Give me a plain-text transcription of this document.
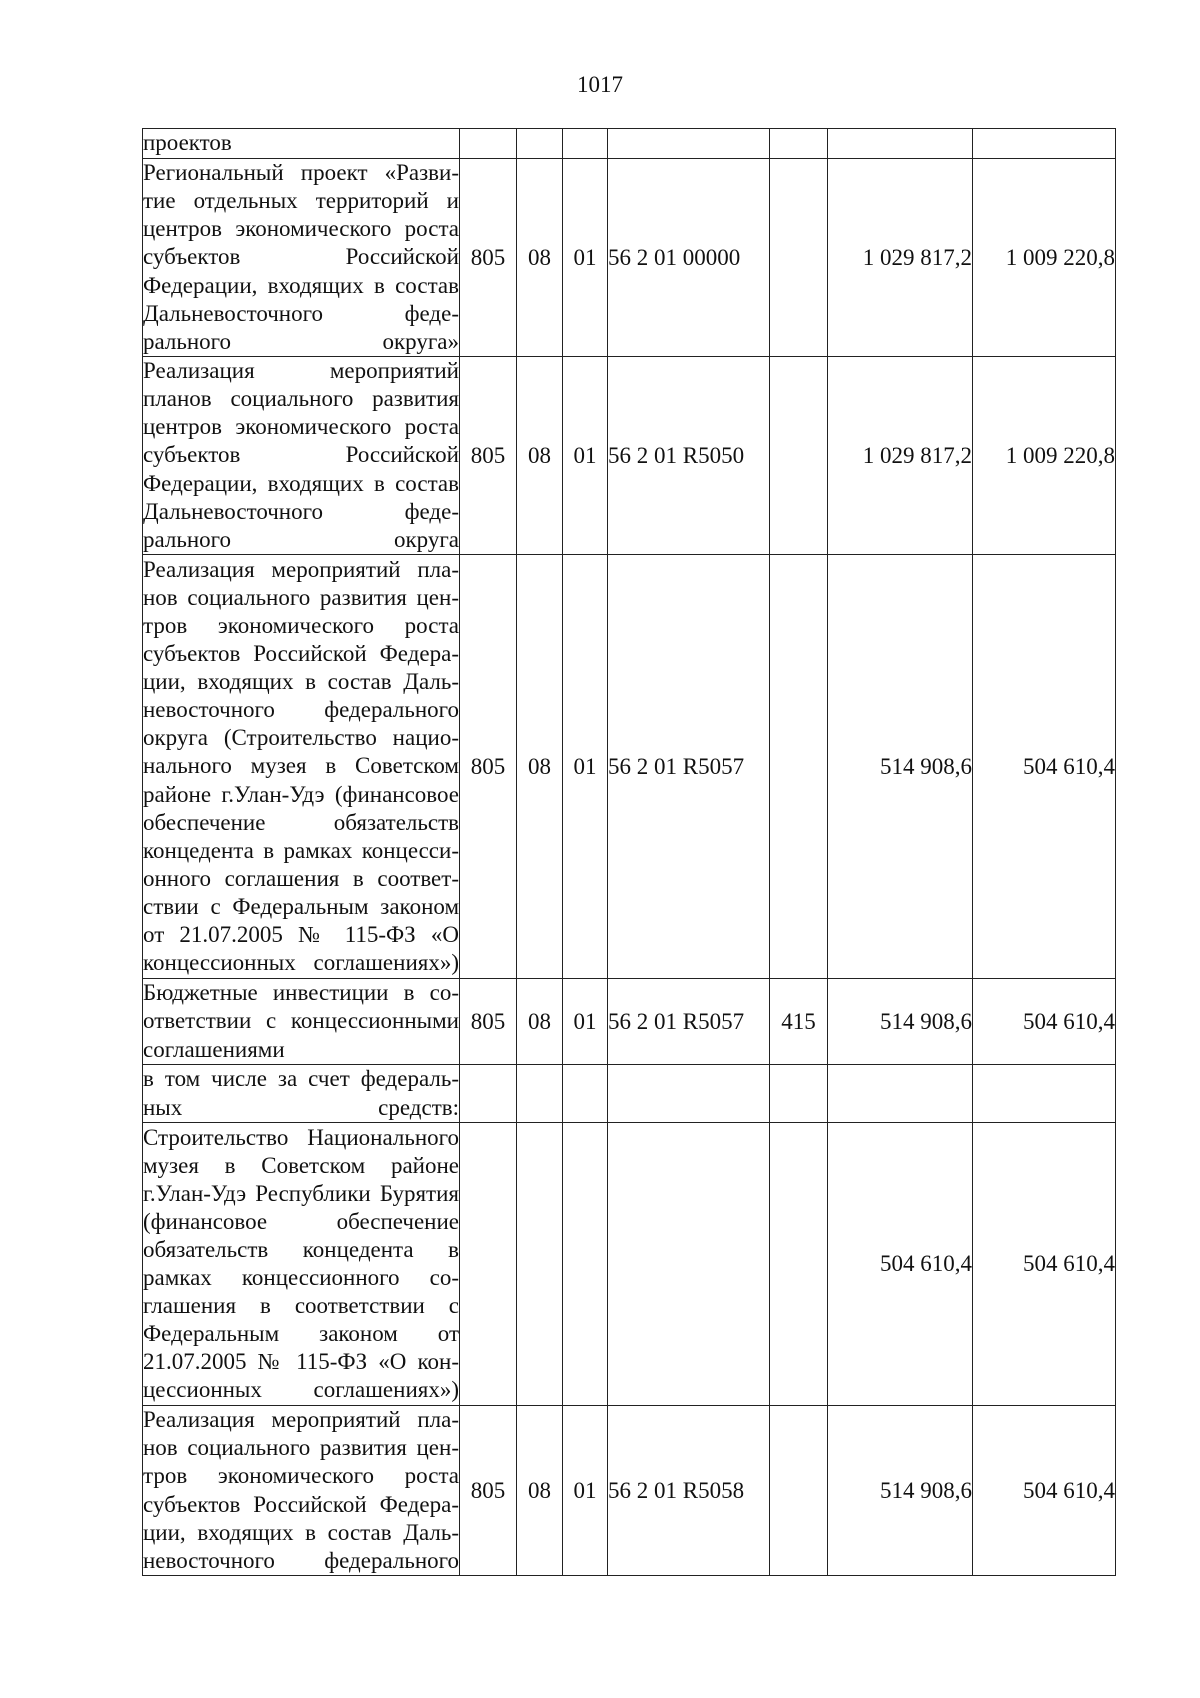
1017
проектов							
Региональный проект «Развитие отдельных территорий и центров экономического роста субъектов Российской Федерации, входящих в состав Дальневосточного федерального округа»	805	08	01	56 2 01 00000		1 029 817,2	1 009 220,8
Реализация мероприятий планов социального развития центров экономического роста субъектов Российской Федерации, входящих в состав Дальневосточного федерального округа	805	08	01	56 2 01 R5050		1 029 817,2	1 009 220,8
Реализация мероприятий планов социального развития центров экономического роста субъектов Российской Федерации, входящих в состав Дальневосточного федерального округа (Строительство национального музея в Советском районе г.Улан-Удэ (финансовое обеспечение обязательств концедента в рамках концессионного соглашения в соответствии с Федеральным законом от 21.07.2005 № 115-ФЗ «О концессионных соглашениях»)	805	08	01	56 2 01 R5057		514 908,6	504 610,4
Бюджетные инвестиции в соответствии с концессионными соглашениями	805	08	01	56 2 01 R5057	415	514 908,6	504 610,4
в том числе за счет федеральных средств:							
Строительство Национального музея в Советском районе г.Улан-Удэ Республики Бурятия (финансовое обеспечение обязательств концедента в рамках концессионного соглашения в соответствии с Федеральным законом от 21.07.2005 № 115-ФЗ «О концессионных соглашениях»)						504 610,4	504 610,4
Реализация мероприятий планов социального развития центров экономического роста субъектов Российской Федерации, входящих в состав Дальневосточного федерального	805	08	01	56 2 01 R5058		514 908,6	504 610,4
